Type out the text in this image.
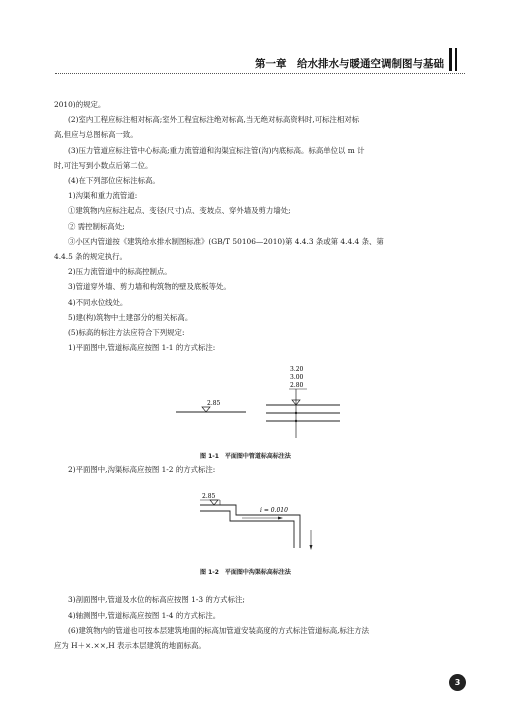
第一章　给水排水与暖通空调制图与基础

2010)的规定。

(2)室内工程应标注相对标高;室外工程宜标注绝对标高,当无绝对标高资料时,可标注相对标

高,但应与总图标高一致。

(3)压力管道应标注管中心标高;重力流管道和沟渠宜标注管(沟)内底标高。标高单位以 m 计

时,可注写到小数点后第二位。

(4)在下列部位应标注标高。

1)沟渠和重力流管道:

①建筑物内应标注起点、变径(尺寸)点、变坡点、穿外墙及剪力墙处;

② 需控制标高处;

③小区内管道按《建筑给水排水制图标准》(GB/T 50106—2010)第 4.4.3 条或第 4.4.4 条、第

4.4.5 条的规定执行。

2)压力流管道中的标高控制点。

3)管道穿外墙、剪力墙和构筑物的壁及底板等处。

4)不同水位线处。

5)建(构)筑物中土建部分的相关标高。

(5)标高的标注方法应符合下列规定:

1)平面图中,管道标高应按图 1-1 的方式标注:

2.85
3.20
3.00
2.80
图 1-1　平面图中管道标高标注法

2)平面图中,沟渠标高应按图 1-2 的方式标注:

2.85
i = 0.010
图 1-2　平面图中沟渠标高标注法

3)剖面图中,管道及水位的标高应按图 1-3 的方式标注;

4)轴测图中,管道标高应按图 1-4 的方式标注。

(6)建筑物内的管道也可按本层建筑地面的标高加管道安装高度的方式标注管道标高,标注方法

应为 H＋×.××,H 表示本层建筑的地面标高。

3
